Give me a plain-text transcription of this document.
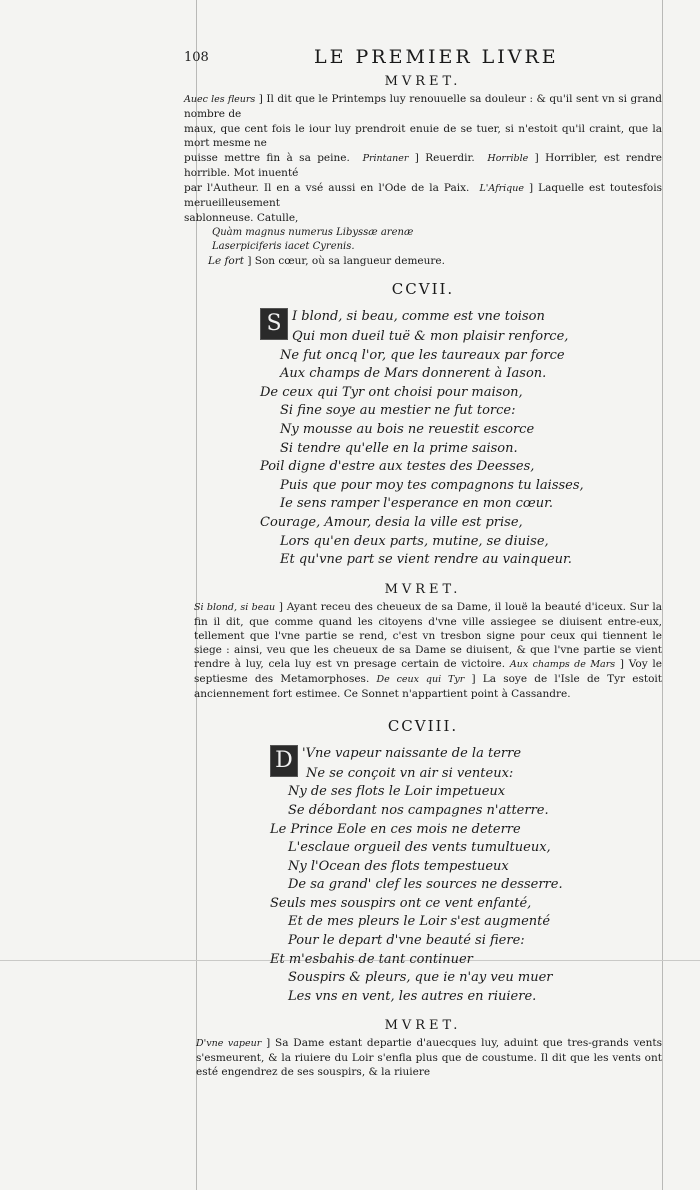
108	LE PREMIER LIVRE
MVRET.
Auec les fleurs ] Il dit que le Printemps luy renouuelle sa douleur : & qu'il sent vn si grand nombre de
maux, que cent fois le iour luy prendroit enuie de se tuer, si n'estoit qu'il craint, que la mort mesme ne
puisse mettre fin à sa peine. Printaner ] Reuerdir. Horrible ] Horribler, est rendre horrible. Mot inuenté
par l'Autheur. Il en a vsé aussi en l'Ode de la Paix. L'Afrique ] Laquelle est toutesfois merueilleusement
sablonneuse. Catulle,
Quàm magnus numerus Libyssæ arenæ
Laserpiciferis iacet Cyrenis.
Le fort ] Son cœur, où sa langueur demeure.
CCVII.
S I blond, si beau, comme est vne toison
Qui mon dueil tuë & mon plaisir renforce,
Ne fut oncq l'or, que les taureaux par force
Aux champs de Mars donnerent à Iason.
De ceux qui Tyr ont choisi pour maison,
Si fine soye au mestier ne fut torce:
Ny mousse au bois ne reuestit escorce
Si tendre qu'elle en la prime saison.
Poil digne d'estre aux testes des Deesses,
Puis que pour moy tes compagnons tu laisses,
Ie sens ramper l'esperance en mon cœur.
Courage, Amour, desia la ville est prise,
Lors qu'en deux parts, mutine, se diuise,
Et qu'vne part se vient rendre au vainqueur.
MVRET.
Si blond, si beau ] Ayant receu des cheueux de sa Dame, il louë la beauté d'iceux. Sur la fin il dit, que comme quand les citoyens d'vne ville assiegee se diuisent entre-eux, tellement que l'vne partie se rend, c'est vn tresbon signe pour ceux qui tiennent le siege : ainsi, veu que les cheueux de sa Dame se diuisent, & que l'vne partie se vient rendre à luy, cela luy est vn presage certain de victoire. Aux champs de Mars ] Voy le septiesme des Metamorphoses. De ceux qui Tyr ] La soye de l'Isle de Tyr estoit anciennement fort estimee. Ce Sonnet n'appartient point à Cassandre.
CCVIII.
D 'Vne vapeur naissante de la terre
Ne se conçoit vn air si venteux:
Ny de ses flots le Loir impetueux
Se débordant nos campagnes n'atterre.
Le Prince Eole en ces mois ne deterre
L'esclaue orgueil des vents tumultueux,
Ny l'Ocean des flots tempestueux
De sa grand' clef les sources ne desserre.
Seuls mes souspirs ont ce vent enfanté,
Et de mes pleurs le Loir s'est augmenté
Pour le depart d'vne beauté si fiere:
Et m'esbahis de tant continuer
Souspirs & pleurs, que ie n'ay veu muer
Les vns en vent, les autres en riuiere.
MVRET.
D'vne vapeur ] Sa Dame estant departie d'auecques luy, aduint que tres-grands vents s'esmeurent, & la riuiere du Loir s'enfla plus que de coustume. Il dit que les vents ont esté engendrez de ses souspirs, & la riuiere
